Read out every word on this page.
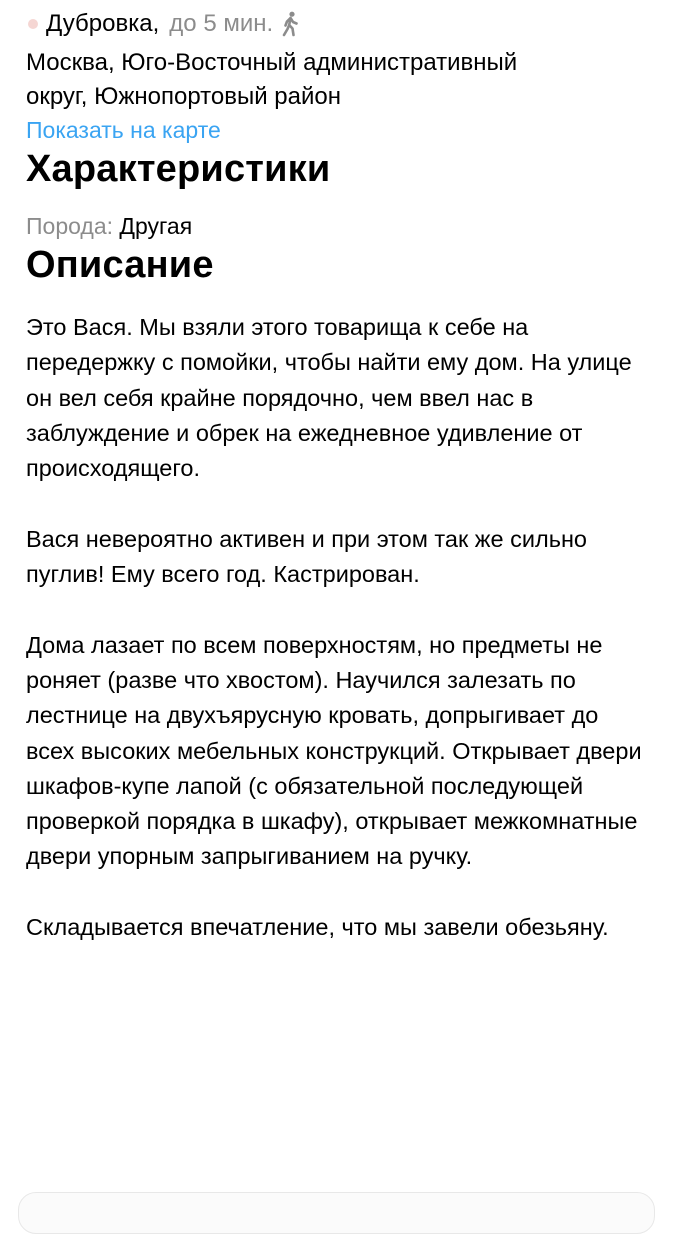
Дубровка, до 5 мин.
Москва, Юго-Восточный административный
округ, Южнопортовый район
Показать на карте
Характеристики
Порода: Другая
Описание

Это Вася. Мы взяли этого товарища к себе на передержку с помойки, чтобы найти ему дом. На улице он вел себя крайне порядочно, чем ввел нас в заблуждение и обрек на ежедневное удивление от происходящего.

Вася невероятно активен и при этом так же сильно пуглив! Ему всего год. Кастрирован.

Дома лазает по всем поверхностям, но предметы не роняет (разве что хвостом). Научился залезать по лестнице на двухъярусную кровать, допрыгивает до всех высоких мебельных конструкций. Открывает двери шкафов-купе лапой (с обязательной последующей проверкой порядка в шкафу), открывает межкомнатные двери упорным запрыгиванием на ручку.

Складывается впечатление, что мы завели обезьяну.
